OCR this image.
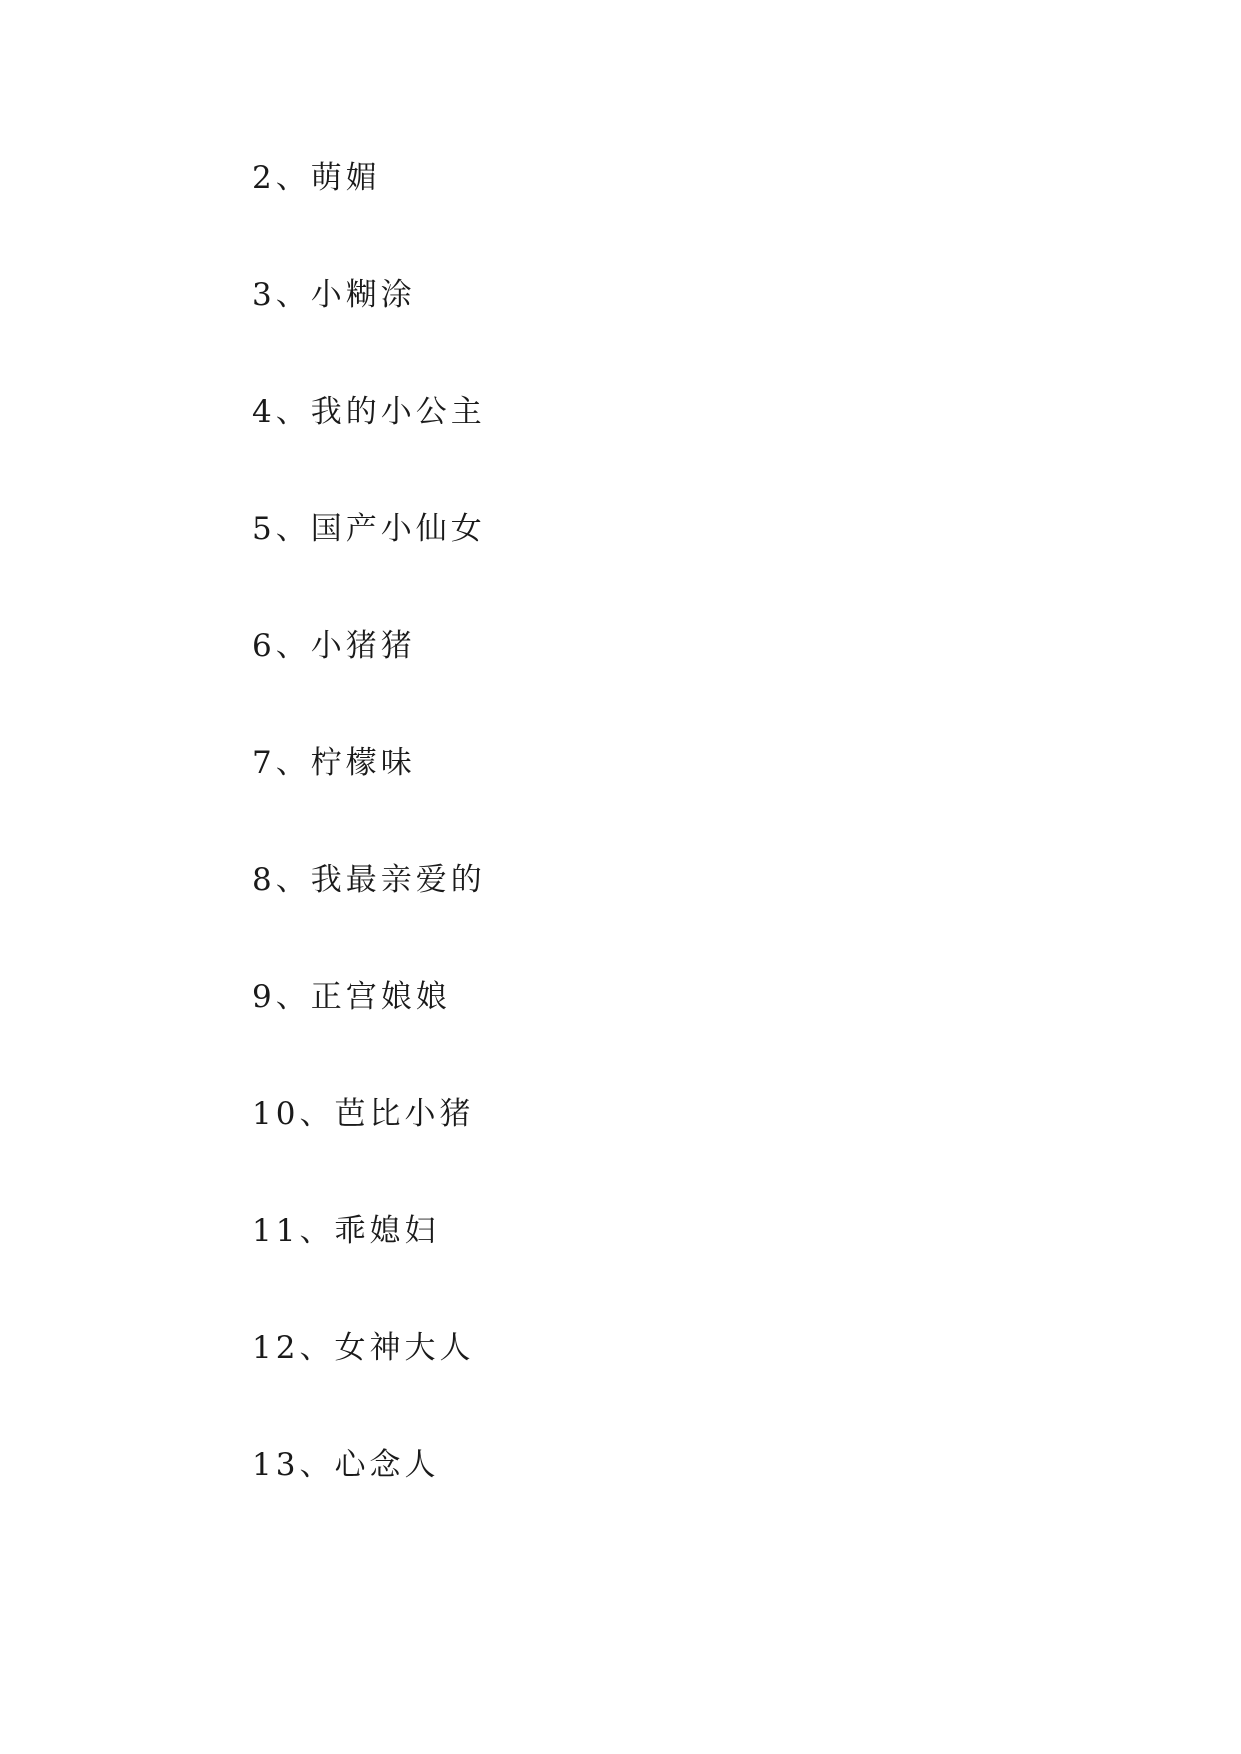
2、萌媚
3、小糊涂
4、我的小公主
5、国产小仙女
6、小猪猪
7、柠檬味
8、我最亲爱的
9、正宫娘娘
10、芭比小猪
11、乖媳妇
12、女神大人
13、心念人
